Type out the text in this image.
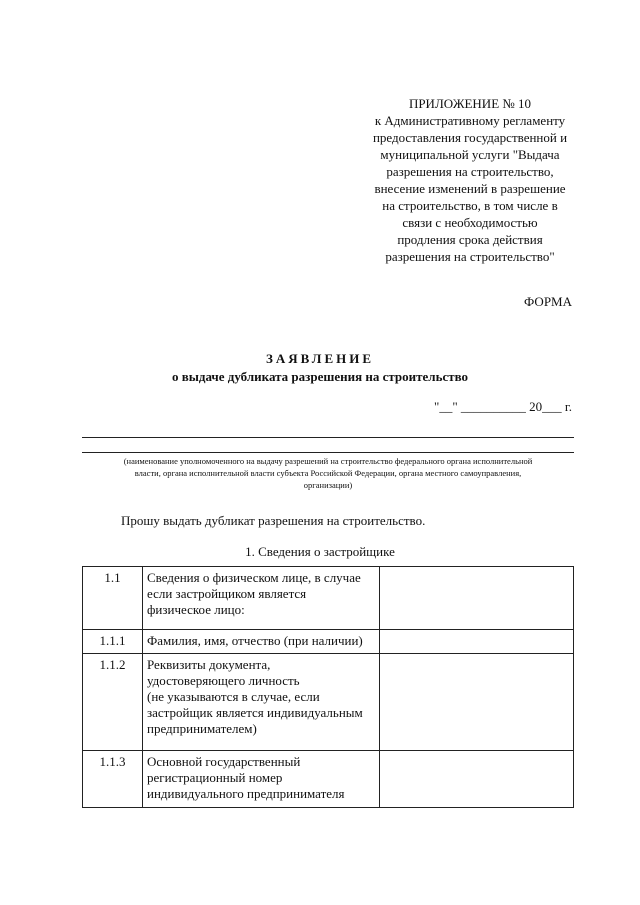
ПРИЛОЖЕНИЕ № 10
к Административному регламенту
предоставления государственной и
муниципальной услуги "Выдача
разрешения на строительство,
внесение изменений в разрешение
на строительство, в том числе в
связи с необходимостью
продления срока действия
разрешения на строительство"
ФОРМА
ЗАЯВЛЕНИЕ
о выдаче дубликата разрешения на строительство
"__" __________ 20___ г.
(наименование уполномоченного на выдачу разрешений на строительство федерального органа исполнительной
власти, органа исполнительной власти субъекта Российской Федерации, органа местного самоуправления,
организации)
Прошу выдать дубликат разрешения на строительство.
1. Сведения о застройщике
1.1	Сведения о физическом лице, в случае
если застройщиком является
физическое лицо:	

1.1.1	Фамилия, имя, отчество (при наличии)	

1.1.2	Реквизиты документа,
удостоверяющего личность
(не указываются в случае, если
застройщик является индивидуальным
предпринимателем)	

1.1.3	Основной государственный
регистрационный номер
индивидуального предпринимателя	
